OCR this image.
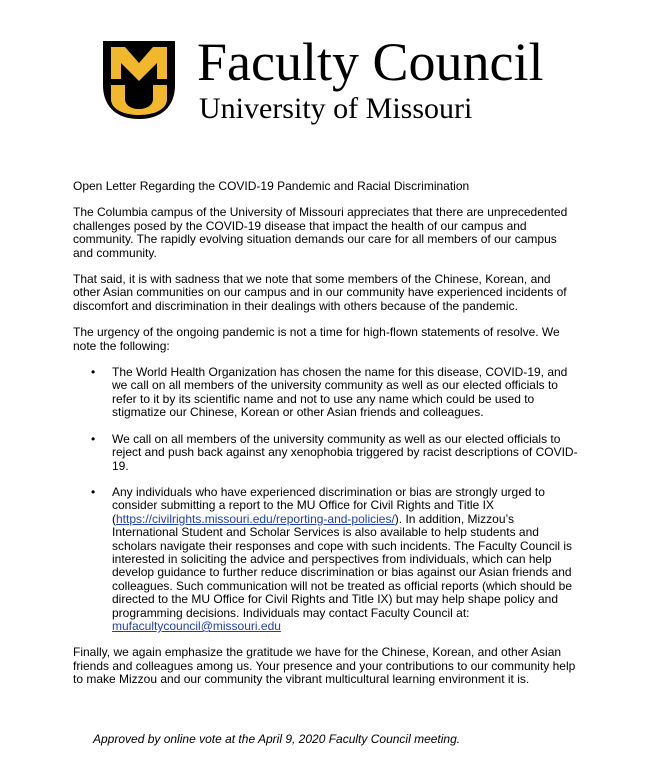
Faculty Council
University of Missouri

Open Letter Regarding the COVID-19 Pandemic and Racial Discrimination

The Columbia campus of the University of Missouri appreciates that there are unprecedented challenges posed by the COVID-19 disease that impact the health of our campus and community. The rapidly evolving situation demands our care for all members of our campus and community.

That said, it is with sadness that we note that some members of the Chinese, Korean, and other Asian communities on our campus and in our community have experienced incidents of discomfort and discrimination in their dealings with others because of the pandemic.

The urgency of the ongoing pandemic is not a time for high-flown statements of resolve. We note the following:

• The World Health Organization has chosen the name for this disease, COVID-19, and we call on all members of the university community as well as our elected officials to refer to it by its scientific name and not to use any name which could be used to stigmatize our Chinese, Korean or other Asian friends and colleagues.
• We call on all members of the university community as well as our elected officials to reject and push back against any xenophobia triggered by racist descriptions of COVID-19.
• Any individuals who have experienced discrimination or bias are strongly urged to consider submitting a report to the MU Office for Civil Rights and Title IX (https://civilrights.missouri.edu/reporting-and-policies/). In addition, Mizzou’s International Student and Scholar Services is also available to help students and scholars navigate their responses and cope with such incidents. The Faculty Council is interested in soliciting the advice and perspectives from individuals, which can help develop guidance to further reduce discrimination or bias against our Asian friends and colleagues. Such communication will not be treated as official reports (which should be directed to the MU Office for Civil Rights and Title IX) but may help shape policy and programming decisions. Individuals may contact Faculty Council at: mufacultycouncil@missouri.edu

Finally, we again emphasize the gratitude we have for the Chinese, Korean, and other Asian friends and colleagues among us. Your presence and your contributions to our community help to make Mizzou and our community the vibrant multicultural learning environment it is.

Approved by online vote at the April 9, 2020 Faculty Council meeting.
